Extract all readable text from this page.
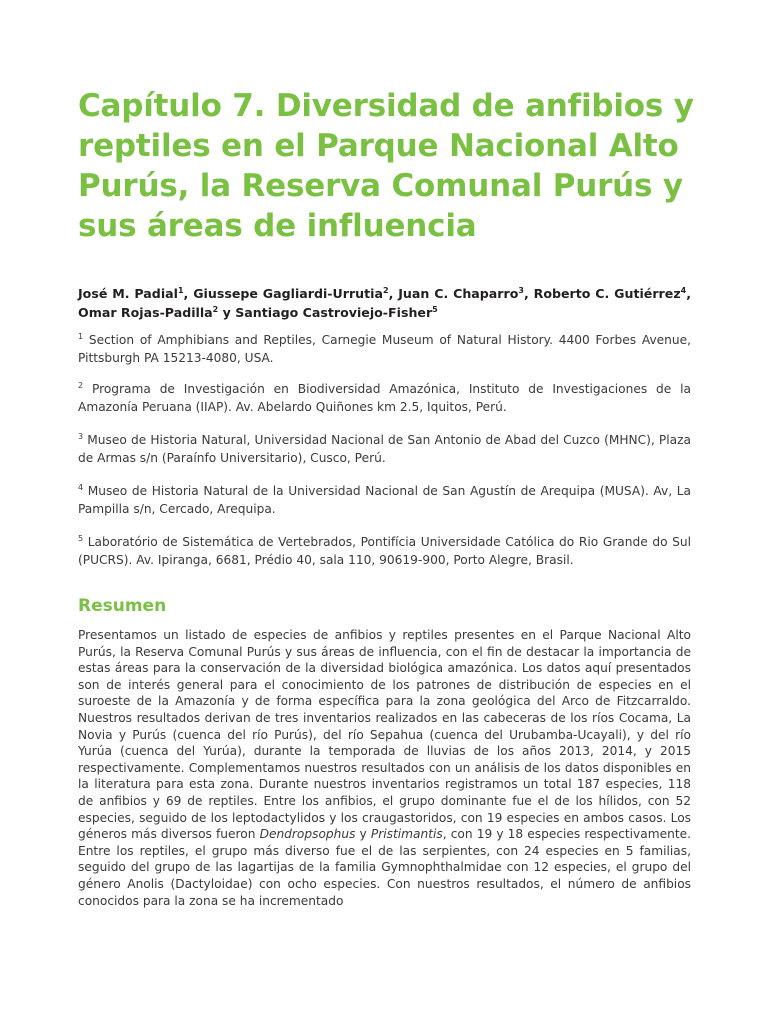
Capítulo 7. Diversidad de anfibios y reptiles en el Parque Nacional Alto Purús, la Reserva Comunal Purús y sus áreas de influencia

José M. Padial$^1$, Giussepe Gagliardi-Urrutia$^2$, Juan C. Chaparro$^3$, Roberto C. Gutiérrez$^4$, Omar Rojas-Padilla$^2$ y Santiago Castroviejo-Fisher$^5$

$^1$ Section of Amphibians and Reptiles, Carnegie Museum of Natural History. 4400 Forbes Avenue, Pittsburgh PA 15213-4080, USA.

$^2$ Programa de Investigación en Biodiversidad Amazónica, Instituto de Investigaciones de la Amazonía Peruana (IIAP). Av. Abelardo Quiñones km 2.5, Iquitos, Perú.

$^3$ Museo de Historia Natural, Universidad Nacional de San Antonio de Abad del Cuzco (MHNC), Plaza de Armas s/n (Paraínfo Universitario), Cusco, Perú.

$^4$ Museo de Historia Natural de la Universidad Nacional de San Agustín de Arequipa (MUSA). Av, La Pampilla s/n, Cercado, Arequipa.

$^5$ Laboratório de Sistemática de Vertebrados, Pontifícia Universidade Católica do Rio Grande do Sul (PUCRS). Av. Ipiranga, 6681, Prédio 40, sala 110, 90619-900, Porto Alegre, Brasil.

Resumen

Presentamos un listado de especies de anfibios y reptiles presentes en el Parque Nacional Alto Purús, la Reserva Comunal Purús y sus áreas de influencia, con el fin de destacar la importancia de estas áreas para la conservación de la diversidad biológica amazónica. Los datos aquí presentados son de interés general para el conocimiento de los patrones de distribución de especies en el suroeste de la Amazonía y de forma específica para la zona geológica del Arco de Fitzcarraldo. Nuestros resultados derivan de tres inventarios realizados en las cabeceras de los ríos Cocama, La Novia y Purús (cuenca del río Purús), del río Sepahua (cuenca del Urubamba-Ucayali), y del río Yurúa (cuenca del Yurúa), durante la temporada de lluvias de los años 2013, 2014, y 2015 respectivamente. Complementamos nuestros resultados con un análisis de los datos disponibles en la literatura para esta zona. Durante nuestros inventarios registramos un total 187 especies, 118 de anfibios y 69 de reptiles. Entre los anfibios, el grupo dominante fue el de los hílidos, con 52 especies, seguido de los leptodactylidos y los craugastoridos, con 19 especies en ambos casos. Los géneros más diversos fueron Dendropsophus y Pristimantis, con 19 y 18 especies respectivamente. Entre los reptiles, el grupo más diverso fue el de las serpientes, con 24 especies en 5 familias, seguido del grupo de las lagartijas de la familia Gymnophthalmidae con 12 especies, el grupo del género Anolis (Dactyloidae) con ocho especies. Con nuestros resultados, el número de anfibios conocidos para la zona se ha incrementado
